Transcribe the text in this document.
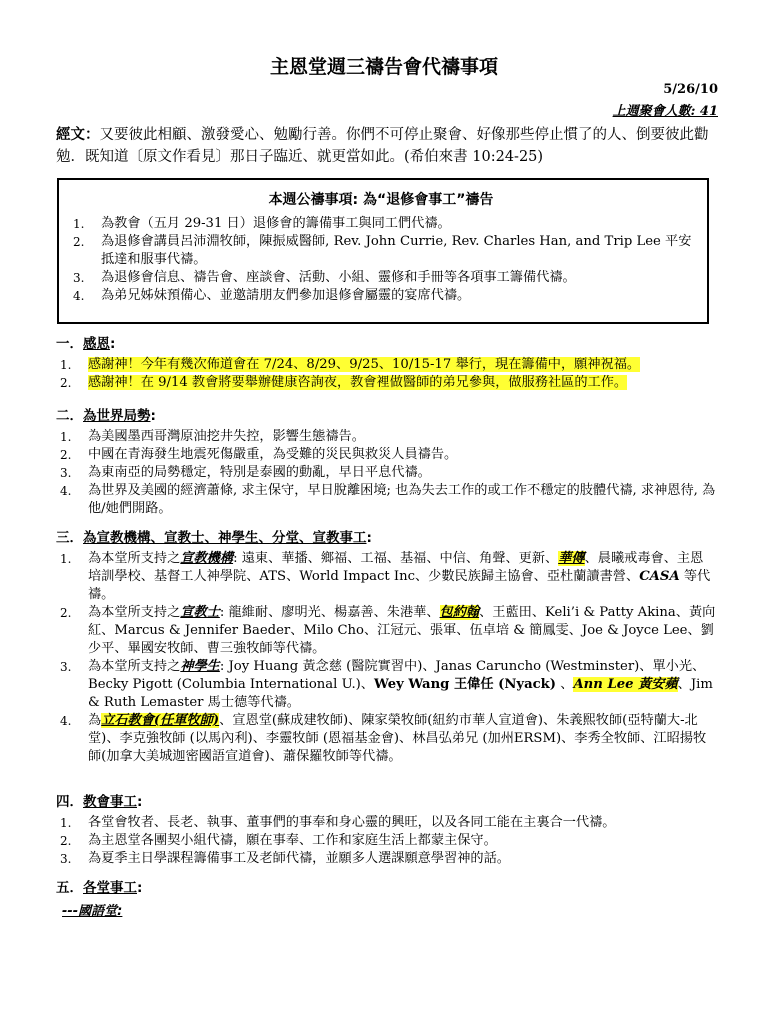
主恩堂週三禱告會代禱事項
5/26/10
上週聚會人數: 41
經文：又要彼此相顧、激發愛心、勉勵行善。你們不可停止聚會、好像那些停止慣了的人、倒要彼此勸勉．既知道〔原文作看見〕那日子臨近、就更當如此。(希伯來書 10:24-25)
本週公禱事項: 為“退修會事工”禱告
1. 為教會（五月 29-31 日）退修會的籌備事工與同工們代禱。
2. 為退修會講員呂沛淵牧師，陳振威醫師, Rev. John Currie, Rev. Charles Han, and Trip Lee 平安抵達和服事代禱。
3. 為退修會信息、禱告會、座談會、活動、小組、靈修和手冊等各項事工籌備代禱。
4. 為弟兄姊妹預備心、並邀請朋友們參加退修會屬靈的宴席代禱。
一．感恩:
1. 感謝神！今年有幾次佈道會在 7/24、8/29、9/25、10/15-17 舉行，現在籌備中，願神祝福。
2. 感謝神！在 9/14 教會將要舉辦健康咨詢夜，教會裡做醫師的弟兄參與，做服務社區的工作。
二．為世界局勢:
1. 為美國墨西哥灣原油挖井失控，影響生態禱告。
2. 中國在青海發生地震死傷嚴重，為受難的災民與救災人員禱告。
3. 為東南亞的局勢穩定，特別是泰國的動亂，早日平息代禱。
4. 為世界及美國的經濟蕭條, 求主保守，早日脫離困境; 也為失去工作的或工作不穩定的肢體代禱, 求神恩待, 為他/她們開路。
三．為宣教機構、宣教士、神學生、分堂、宣教事工:
1. 為本堂所支持之宣教機構: 遠東、華播、鄉福、工福、基福、中信、角聲、更新、華傳、晨曦戒毒會、主恩培訓學校、基督工人神學院、ATS、World Impact Inc、少數民族歸主協會、亞杜蘭讀書營、CASA 等代禱。
2. 為本堂所支持之宣教士: 龍維耐、廖明光、楊嘉善、朱港華、包約翰、王藍田、Keli’i & Patty Akina、黃向紅、Marcus & Jennifer Baeder、Milo Cho、江冠元、張軍、伍卓培 & 簡鳳雯、Joe & Joyce Lee、劉少平、畢國安牧師、曹三強牧師等代禱。
3. 為本堂所支持之神學生: Joy Huang 黃念慈 (醫院實習中)、Janas Caruncho (Westminster)、單小光、Becky Pigott (Columbia International U.)、Wey Wang 王偉任 (Nyack) 、Ann Lee 黃安蘋、Jim & Ruth Lemaster 馬士德等代禱。
4. 為立石教會(任軍牧師)、宣恩堂(蘇成建牧師)、陳家榮牧師(紐約市華人宣道會)、朱義熙牧師(亞特蘭大-北堂)、李克強牧師 (以馬內利)、李靈牧師 (恩福基金會)、林昌弘弟兄 (加州ERSM)、李秀全牧師、江昭揚牧師(加拿大美城迦密國語宣道會)、蕭保羅牧師等代禱。
四．教會事工:
1. 各堂會牧者、長老、執事、董事們的事奉和身心靈的興旺，以及各同工能在主裏合一代禱。
2. 為主恩堂各團契小組代禱，願在事奉、工作和家庭生活上都蒙主保守。
3. 為夏季主日學課程籌備事工及老師代禱，並願多人選課願意學習神的話。
五．各堂事工:
---國語堂:
